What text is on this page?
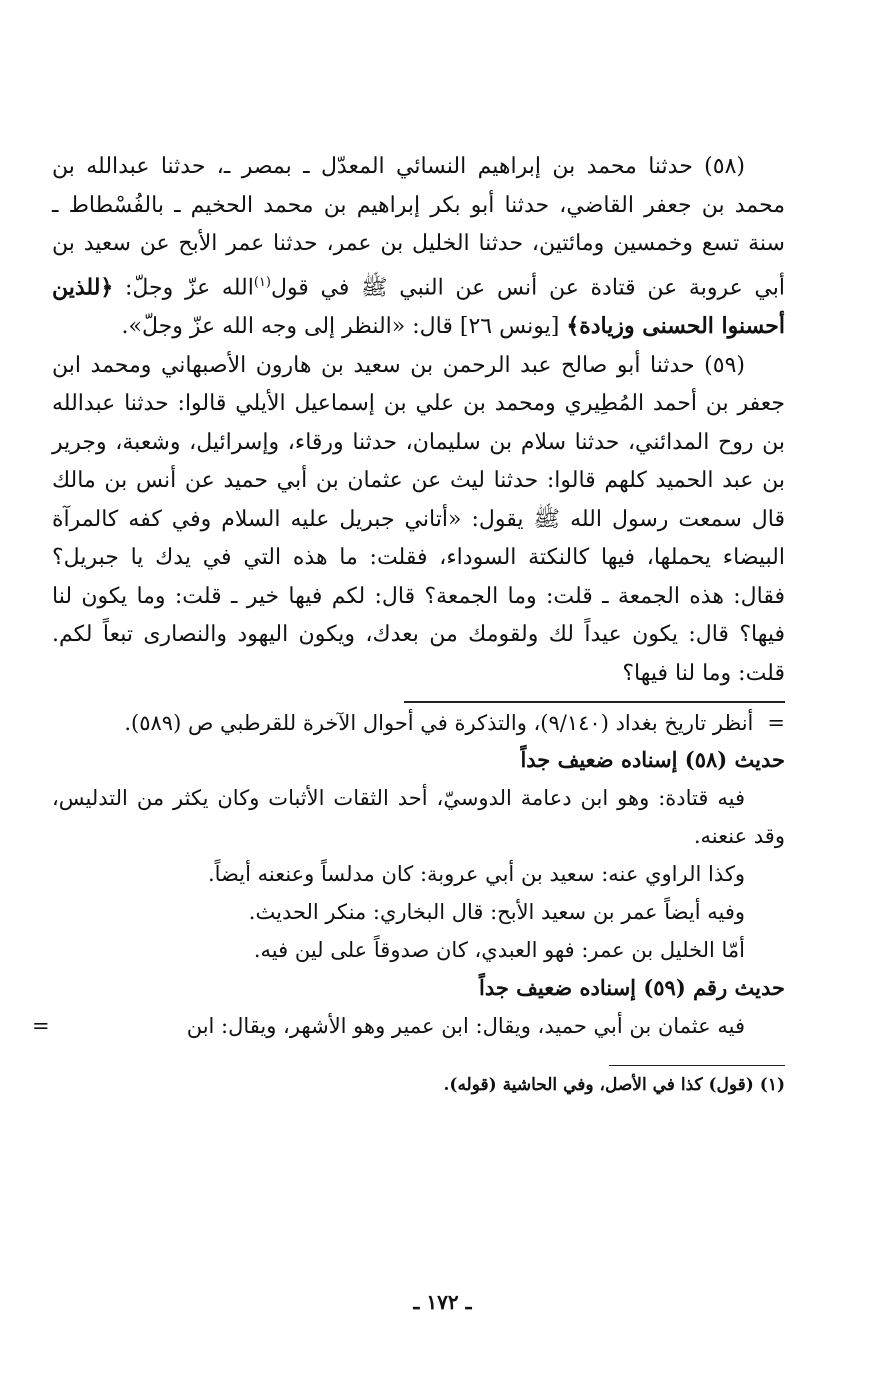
(٥٨) حدثنا محمد بن إبراهيم النسائي المعدّل ـ بمصر ـ، حدثنا عبدالله بن محمد بن جعفر القاضي، حدثنا أبو بكر إبراهيم بن محمد الحخيم ـ بالفُسْطاط ـ سنة تسع وخمسين ومائتين، حدثنا الخليل بن عمر، حدثنا عمر الأبح عن سعيد بن أبي عروبة عن قتادة عن أنس عن النبي ﷺ في قول$^{(١)}$الله عزّ وجلّ: ﴿للذين أحسنوا الحسنى وزيادة﴾ [يونس ٢٦] قال: «النظر إلى وجه الله عزّ وجلّ».

(٥٩) حدثنا أبو صالح عبد الرحمن بن سعيد بن هارون الأصبهاني ومحمد ابن جعفر بن أحمد المُطِيري ومحمد بن علي بن إسماعيل الأيلي قالوا: حدثنا عبدالله بن روح المدائني، حدثنا سلام بن سليمان، حدثنا ورقاء، وإسرائيل، وشعبة، وجرير بن عبد الحميد كلهم قالوا: حدثنا ليث عن عثمان بن أبي حميد عن أنس بن مالك قال سمعت رسول الله ﷺ يقول: «أتاني جبريل عليه السلام وفي كفه كالمرآة البيضاء يحملها، فيها كالنكتة السوداء، فقلت: ما هذه التي في يدك يا جبريل؟ فقال: هذه الجمعة ـ قلت: وما الجمعة؟ قال: لكم فيها خير ـ قلت: وما يكون لنا فيها؟ قال: يكون عيداً لك ولقومك من بعدك، ويكون اليهود والنصارى تبعاً لكم. قلت: وما لنا فيها؟

=أنظر تاريخ بغداد (٩/١٤٠)، والتذكرة في أحوال الآخرة للقرطبي ص (٥٨٩).
حديث (٥٨) إسناده ضعيف جداً

فيه قتادة: وهو ابن دعامة الدوسيّ، أحد الثقات الأثبات وكان يكثر من التدليس، وقد عنعنه.

وكذا الراوي عنه: سعيد بن أبي عروبة: كان مدلساً وعنعنه أيضاً.

وفيه أيضاً عمر بن سعيد الأبح: قال البخاري: منكر الحديث.

أمّا الخليل بن عمر: فهو العبدي، كان صدوقاً على لين فيه.

حديث رقم (٥٩) إسناده ضعيف جداً

فيه عثمان بن أبي حميد، ويقال: ابن عمير وهو الأشهر، ويقال: ابن
=

(١) (قول) كذا في الأصل، وفي الحاشية (قوله).
ـ ١٧٢ ـ
